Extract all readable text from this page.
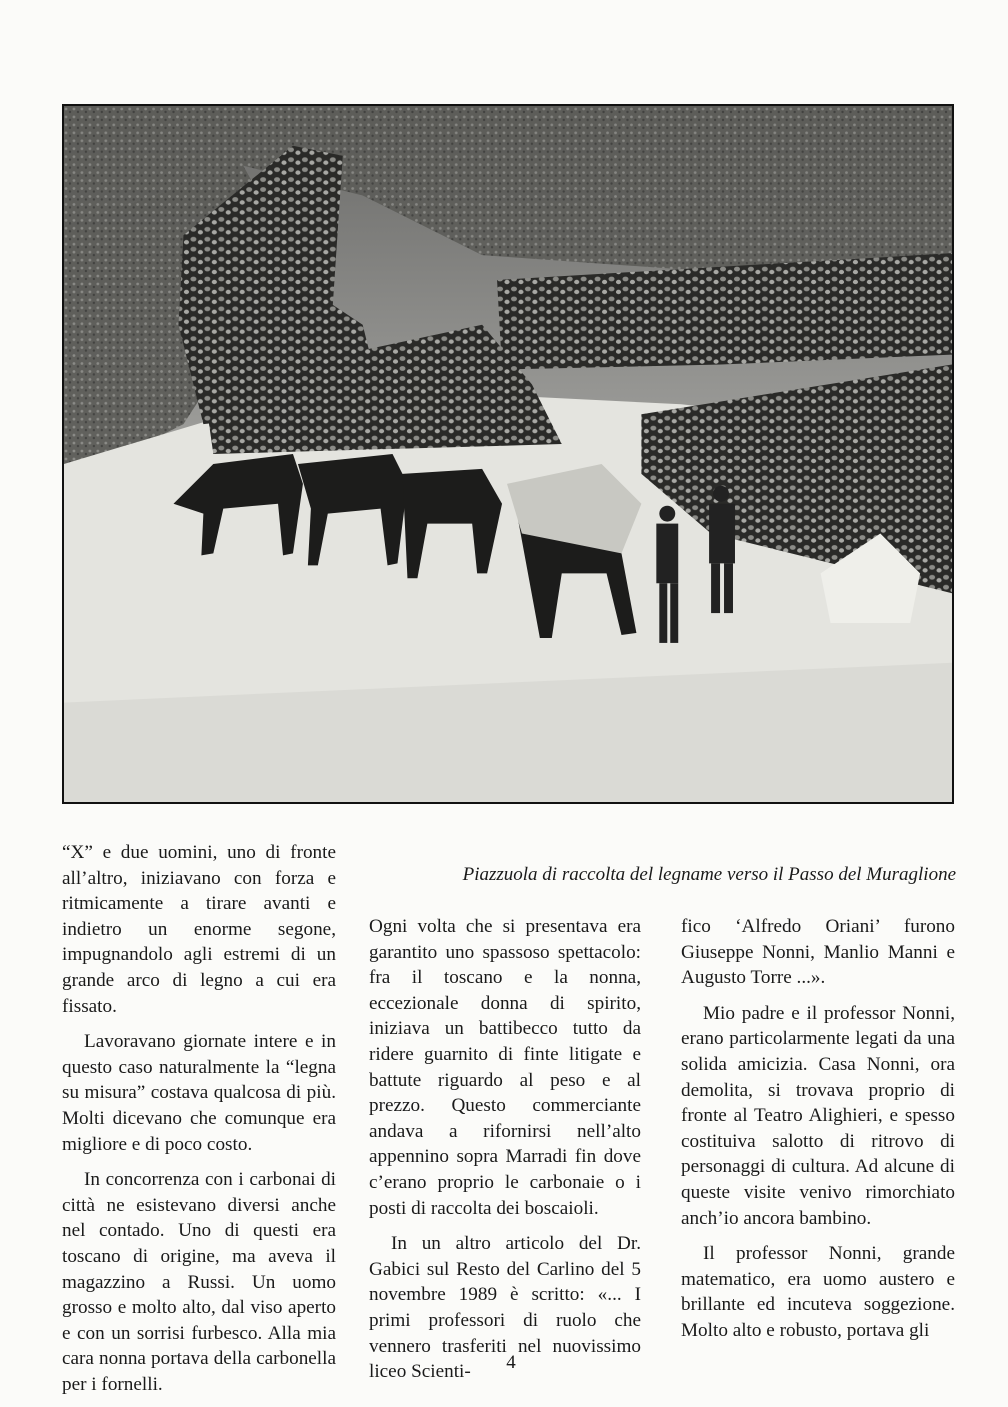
Piazzuola di raccolta del legname verso il Passo del Muraglione

“X” e due uomini, uno di fronte all’altro, iniziavano con forza e ritmicamente a tirare avanti e indietro un enorme segone, impugnandolo agli estremi di un grande arco di legno a cui era fissato.

Lavoravano giornate intere e in questo caso naturalmente la “legna su misura” costava qualcosa di più. Molti dicevano che comunque era migliore e di poco costo.

In concorrenza con i carbonai di città ne esistevano diversi anche nel contado. Uno di questi era toscano di origine, ma aveva il magazzino a Russi. Un uomo grosso e molto alto, dal viso aperto e con un sorrisi furbesco. Alla mia cara nonna portava della carbonella per i fornelli.

Ogni volta che si presentava era garantito uno spassoso spettacolo: fra il toscano e la nonna, eccezionale donna di spirito, iniziava un battibecco tutto da ridere guarnito di finte litigate e battute riguardo al peso e al prezzo. Questo commerciante andava a rifornirsi nell’alto appennino sopra Marradi fin dove c’erano proprio le carbonaie o i posti di raccolta dei boscaioli.

In un altro articolo del Dr. Gabici sul Resto del Carlino del 5 novembre 1989 è scritto: «... I primi professori di ruolo che vennero trasferiti nel nuovissimo liceo Scienti-

fico ‘Alfredo Oriani’ furono Giuseppe Nonni, Manlio Manni e Augusto Torre ...».

Mio padre e il professor Nonni, erano particolarmente legati da una solida amicizia. Casa Nonni, ora demolita, si trovava proprio di fronte al Teatro Alighieri, e spesso costituiva salotto di ritrovo di personaggi di cultura. Ad alcune di queste visite venivo rimorchiato anch’io ancora bambino.

Il professor Nonni, grande matematico, era uomo austero e brillante ed incuteva soggezione. Molto alto e robusto, portava gli

4
